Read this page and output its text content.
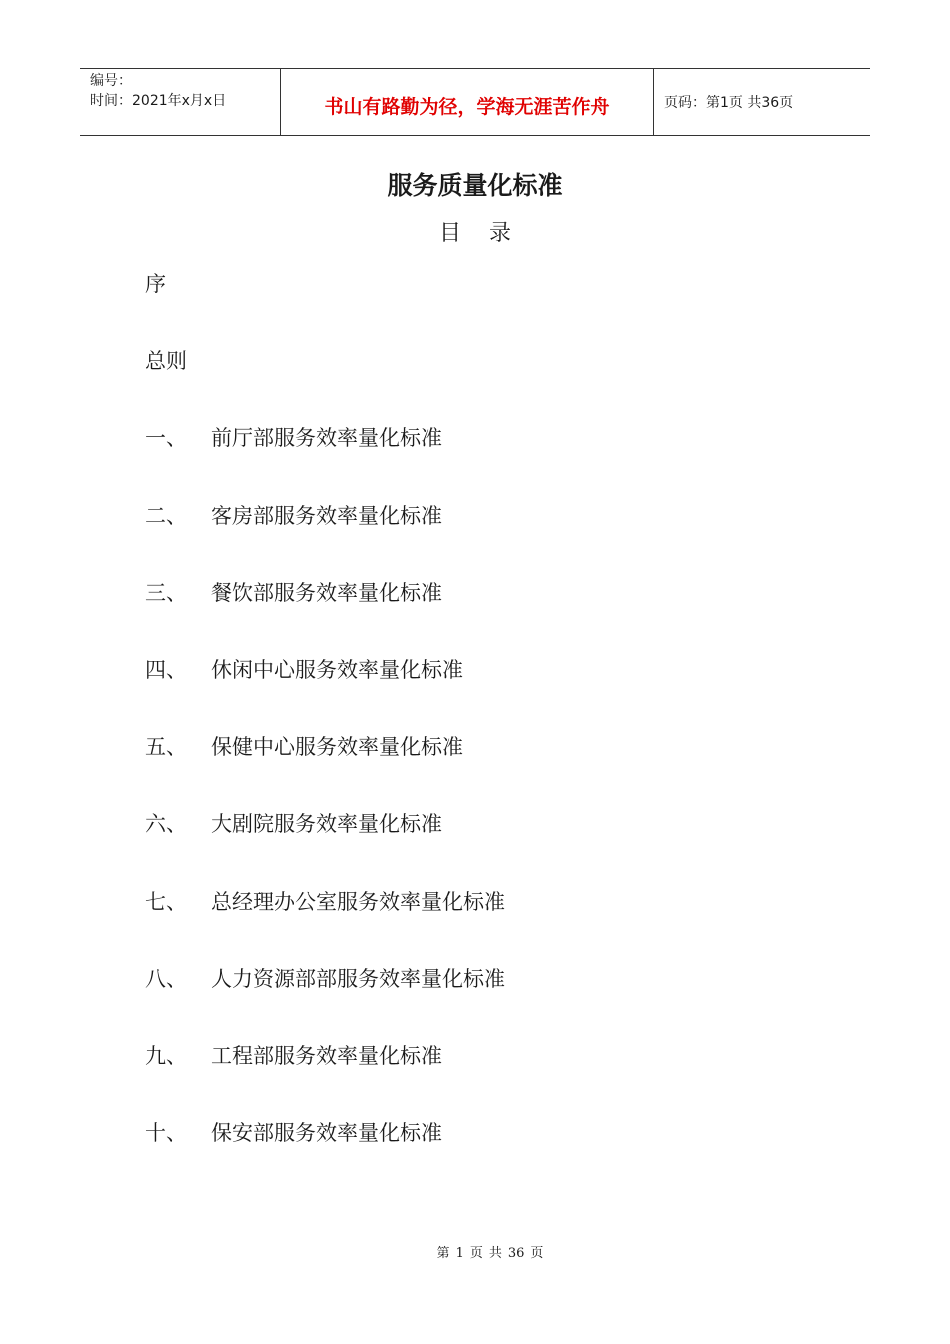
编号：
时间：2021年x月x日	书山有路勤为径，学海无涯苦作舟	页码：第1页 共36页
服务质量化标准
目 录
序
总则
一、	前厅部服务效率量化标准
二、	客房部服务效率量化标准
三、	餐饮部服务效率量化标准
四、	休闲中心服务效率量化标准
五、	保健中心服务效率量化标准
六、	大剧院服务效率量化标准
七、	总经理办公室服务效率量化标准
八、	人力资源部部服务效率量化标准
九、	工程部服务效率量化标准
十、	保安部服务效率量化标准
第 1 页 共 36 页
